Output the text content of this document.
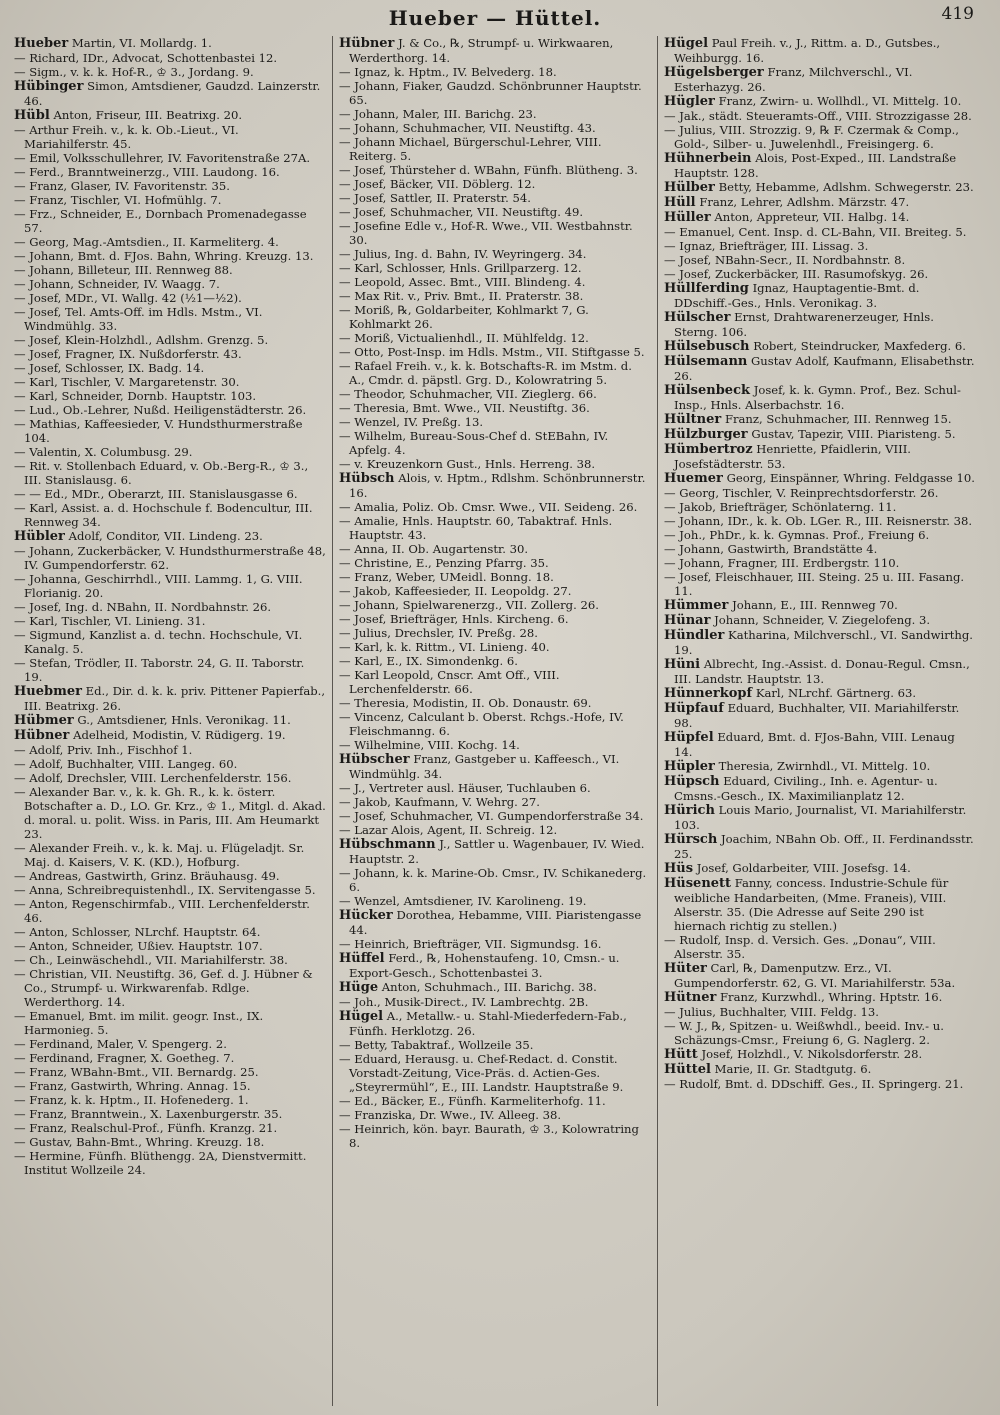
Hueber — Hüttel.	419

Hueber Martin, VI. Mollardg. 1.

— Richard, IDr., Advocat, Schottenbastei 12.

— Sigm., v. k. k. Hof-R., ♔ 3., Jordang. 9.

Hübinger Simon, Amtsdiener, Gaudzd. Lainzerstr. 46.

Hübl Anton, Friseur, III. Beatrixg. 20.

— Arthur Freih. v., k. k. Ob.-Lieut., VI. Mariahilferstr. 45.

— Emil, Volksschullehrer, IV. Favoritenstraße 27A.

— Ferd., Branntweinerzg., VIII. Laudong. 16.

— Franz, Glaser, IV. Favoritenstr. 35.

— Franz, Tischler, VI. Hofmühlg. 7.

— Frz., Schneider, E., Dornbach Promenadegasse 57.

— Georg, Mag.-Amtsdien., II. Karmeliterg. 4.

— Johann, Bmt. d. FJos. Bahn, Whring. Kreuzg. 13.

— Johann, Billeteur, III. Rennweg 88.

— Johann, Schneider, IV. Waagg. 7.

— Josef, MDr., VI. Wallg. 42 (½1—½2).

— Josef, Tel. Amts-Off. im Hdls. Mstm., VI. Windmühlg. 33.

— Josef, Klein-Holzhdl., Adlshm. Grenzg. 5.

— Josef, Fragner, IX. Nußdorferstr. 43.

— Josef, Schlosser, IX. Badg. 14.

— Karl, Tischler, V. Margaretenstr. 30.

— Karl, Schneider, Dornb. Hauptstr. 103.

— Lud., Ob.-Lehrer, Nußd. Heiligenstädterstr. 26.

— Mathias, Kaffeesieder, V. Hundsthurmerstraße 104.

— Valentin, X. Columbusg. 29.

— Rit. v. Stollenbach Eduard, v. Ob.-Berg-R., ♔ 3., III. Stanislausg. 6.

— — Ed., MDr., Oberarzt, III. Stanislausgasse 6.

— Karl, Assist. a. d. Hochschule f. Bodencultur, III. Rennweg 34.

Hübler Adolf, Conditor, VII. Lindeng. 23.

— Johann, Zuckerbäcker, V. Hundsthurmerstraße 48, IV. Gumpendorferstr. 62.

— Johanna, Geschirrhdl., VIII. Lammg. 1, G. VIII. Florianig. 20.

— Josef, Ing. d. NBahn, II. Nordbahnstr. 26.

— Karl, Tischler, VI. Linieng. 31.

— Sigmund, Kanzlist a. d. techn. Hochschule, VI. Kanalg. 5.

— Stefan, Trödler, II. Taborstr. 24, G. II. Taborstr. 19.

Huebmer Ed., Dir. d. k. k. priv. Pittener Papierfab., III. Beatrixg. 26.

Hübmer G., Amtsdiener, Hnls. Veronikag. 11.

Hübner Adelheid, Modistin, V. Rüdigerg. 19.

— Adolf, Priv. Inh., Fischhof 1.

— Adolf, Buchhalter, VIII. Langeg. 60.

— Adolf, Drechsler, VIII. Lerchenfelderstr. 156.

— Alexander Bar. v., k. k. Gh. R., k. k. österr. Botschafter a. D., LO. Gr. Krz., ♔ 1., Mitgl. d. Akad. d. moral. u. polit. Wiss. in Paris, III. Am Heumarkt 23.

— Alexander Freih. v., k. k. Maj. u. Flügeladjt. Sr. Maj. d. Kaisers, V. K. (KD.), Hofburg.

— Andreas, Gastwirth, Grinz. Bräuhausg. 49.

— Anna, Schreibrequistenhdl., IX. Servitengasse 5.

— Anton, Regenschirmfab., VIII. Lerchenfelderstr. 46.

— Anton, Schlosser, NLrchf. Hauptstr. 64.

— Anton, Schneider, Ußiev. Hauptstr. 107.

— Ch., Leinwäschehdl., VII. Mariahilferstr. 38.

— Christian, VII. Neustiftg. 36, Gef. d. J. Hübner & Co., Strumpf- u. Wirkwarenfab. Rdlge. Werderthorg. 14.

— Emanuel, Bmt. im milit. geogr. Inst., IX. Harmonieg. 5.

— Ferdinand, Maler, V. Spengerg. 2.

— Ferdinand, Fragner, X. Goetheg. 7.

— Franz, WBahn-Bmt., VII. Bernardg. 25.

— Franz, Gastwirth, Whring. Annag. 15.

— Franz, k. k. Hptm., II. Hofenederg. 1.

— Franz, Branntwein., X. Laxenburgerstr. 35.

— Franz, Realschul-Prof., Fünfh. Kranzg. 21.

— Gustav, Bahn-Bmt., Whring. Kreuzg. 18.

— Hermine, Fünfh. Blüthengg. 2A, Dienstvermitt. Institut Wollzeile 24.

Hübner J. & Co., ℞, Strumpf- u. Wirkwaaren, Werderthorg. 14.

— Ignaz, k. Hptm., IV. Belvederg. 18.

— Johann, Fiaker, Gaudzd. Schönbrunner Hauptstr. 65.

— Johann, Maler, III. Barichg. 23.

— Johann, Schuhmacher, VII. Neustiftg. 43.

— Johann Michael, Bürgerschul-Lehrer, VIII. Reiterg. 5.

— Josef, Thürsteher d. WBahn, Fünfh. Blütheng. 3.

— Josef, Bäcker, VII. Döblerg. 12.

— Josef, Sattler, II. Praterstr. 54.

— Josef, Schuhmacher, VII. Neustiftg. 49.

— Josefine Edle v., Hof-R. Wwe., VII. Westbahnstr. 30.

— Julius, Ing. d. Bahn, IV. Weyringerg. 34.

— Karl, Schlosser, Hnls. Grillparzerg. 12.

— Leopold, Assec. Bmt., VIII. Blindeng. 4.

— Max Rit. v., Priv. Bmt., II. Praterstr. 38.

— Moriß, ℞, Goldarbeiter, Kohlmarkt 7, G. Kohlmarkt 26.

— Moriß, Victualienhdl., II. Mühlfeldg. 12.

— Otto, Post-Insp. im Hdls. Mstm., VII. Stiftgasse 5.

— Rafael Freih. v., k. k. Botschafts-R. im Mstm. d. A., Cmdr. d. päpstl. Grg. D., Kolowratring 5.

— Theodor, Schuhmacher, VII. Zieglerg. 66.

— Theresia, Bmt. Wwe., VII. Neustiftg. 36.

— Wenzel, IV. Preßg. 13.

— Wilhelm, Bureau-Sous-Chef d. StEBahn, IV. Apfelg. 4.

— v. Kreuzenkorn Gust., Hnls. Herreng. 38.

Hübsch Alois, v. Hptm., Rdlshm. Schönbrunnerstr. 16.

— Amalia, Poliz. Ob. Cmsr. Wwe., VII. Seideng. 26.

— Amalie, Hnls. Hauptstr. 60, Tabaktraf. Hnls. Hauptstr. 43.

— Anna, II. Ob. Augartenstr. 30.

— Christine, E., Penzing Pfarrg. 35.

— Franz, Weber, UMeidl. Bonng. 18.

— Jakob, Kaffeesieder, II. Leopoldg. 27.

— Johann, Spielwarenerzg., VII. Zollerg. 26.

— Josef, Briefträger, Hnls. Kircheng. 6.

— Julius, Drechsler, IV. Preßg. 28.

— Karl, k. k. Rittm., VI. Linieng. 40.

— Karl, E., IX. Simondenkg. 6.

— Karl Leopold, Cnscr. Amt Off., VIII. Lerchenfelderstr. 66.

— Theresia, Modistin, II. Ob. Donaustr. 69.

— Vincenz, Calculant b. Oberst. Rchgs.-Hofe, IV. Fleischmanng. 6.

— Wilhelmine, VIII. Kochg. 14.

Hübscher Franz, Gastgeber u. Kaffeesch., VI. Windmühlg. 34.

— J., Vertreter ausl. Häuser, Tuchlauben 6.

— Jakob, Kaufmann, V. Wehrg. 27.

— Josef, Schuhmacher, VI. Gumpendorferstraße 34.

— Lazar Alois, Agent, II. Schreig. 12.

Hübschmann J., Sattler u. Wagenbauer, IV. Wied. Hauptstr. 2.

— Johann, k. k. Marine-Ob. Cmsr., IV. Schikanederg. 6.

— Wenzel, Amtsdiener, IV. Karolineng. 19.

Hücker Dorothea, Hebamme, VIII. Piaristengasse 44.

— Heinrich, Briefträger, VII. Sigmundsg. 16.

Hüffel Ferd., ℞, Hohenstaufeng. 10, Cmsn.- u. Export-Gesch., Schottenbastei 3.

Hüge Anton, Schuhmach., III. Barichg. 38.

— Joh., Musik-Direct., IV. Lambrechtg. 2B.

Hügel A., Metallw.- u. Stahl-Miederfedern-Fab., Fünfh. Herklotzg. 26.

— Betty, Tabaktraf., Wollzeile 35.

— Eduard, Herausg. u. Chef-Redact. d. Constit. Vorstadt-Zeitung, Vice-Präs. d. Actien-Ges. „Steyrermühl“, E., III. Landstr. Hauptstraße 9.

— Ed., Bäcker, E., Fünfh. Karmeliterhofg. 11.

— Franziska, Dr. Wwe., IV. Alleeg. 38.

— Heinrich, kön. bayr. Baurath, ♔ 3., Kolowratring 8.

Hügel Paul Freih. v., J., Rittm. a. D., Gutsbes., Weihburgg. 16.

Hügelsberger Franz, Milchverschl., VI. Esterhazyg. 26.

Hügler Franz, Zwirn- u. Wollhdl., VI. Mittelg. 10.

— Jak., städt. Steueramts-Off., VIII. Strozzigasse 28.

— Julius, VIII. Strozzig. 9, ℞ F. Czermak & Comp., Gold-, Silber- u. Juwelenhdl., Freisingerg. 6.

Hühnerbein Alois, Post-Exped., III. Landstraße Hauptstr. 128.

Hülber Betty, Hebamme, Adlshm. Schwegerstr. 23.

Hüll Franz, Lehrer, Adlshm. Märzstr. 47.

Hüller Anton, Appreteur, VII. Halbg. 14.

— Emanuel, Cent. Insp. d. CL-Bahn, VII. Breiteg. 5.

— Ignaz, Briefträger, III. Lissag. 3.

— Josef, NBahn-Secr., II. Nordbahnstr. 8.

— Josef, Zuckerbäcker, III. Rasumofskyg. 26.

Hüllferding Ignaz, Hauptagentie-Bmt. d. DDschiff.-Ges., Hnls. Veronikag. 3.

Hülscher Ernst, Drahtwarenerzeuger, Hnls. Sterng. 106.

Hülsebusch Robert, Steindrucker, Maxfederg. 6.

Hülsemann Gustav Adolf, Kaufmann, Elisabethstr. 26.

Hülsenbeck Josef, k. k. Gymn. Prof., Bez. Schul-Insp., Hnls. Alserbachstr. 16.

Hültner Franz, Schuhmacher, III. Rennweg 15.

Hülzburger Gustav, Tapezir, VIII. Piaristeng. 5.

Hümbertroz Henriette, Pfaidlerin, VIII. Josefstädterstr. 53.

Huemer Georg, Einspänner, Whring. Feldgasse 10.

— Georg, Tischler, V. Reinprechtsdorferstr. 26.

— Jakob, Briefträger, Schönlaterng. 11.

— Johann, IDr., k. k. Ob. LGer. R., III. Reisnerstr. 38.

— Joh., PhDr., k. k. Gymnas. Prof., Freiung 6.

— Johann, Gastwirth, Brandstätte 4.

— Johann, Fragner, III. Erdbergstr. 110.

— Josef, Fleischhauer, III. Steing. 25 u. III. Fasang. 11.

Hümmer Johann, E., III. Rennweg 70.

Hünar Johann, Schneider, V. Ziegelofeng. 3.

Hündler Katharina, Milchverschl., VI. Sandwirthg. 19.

Hüni Albrecht, Ing.-Assist. d. Donau-Regul. Cmsn., III. Landstr. Hauptstr. 13.

Hünnerkopf Karl, NLrchf. Gärtnerg. 63.

Hüpfauf Eduard, Buchhalter, VII. Mariahilferstr. 98.

Hüpfel Eduard, Bmt. d. FJos-Bahn, VIII. Lenaug 14.

Hüpler Theresia, Zwirnhdl., VI. Mittelg. 10.

Hüpsch Eduard, Civiling., Inh. e. Agentur- u. Cmsns.-Gesch., IX. Maximilianplatz 12.

Hürich Louis Mario, Journalist, VI. Mariahilferstr. 103.

Hürsch Joachim, NBahn Ob. Off., II. Ferdinandsstr. 25.

Hüs Josef, Goldarbeiter, VIII. Josefsg. 14.

Hüsenett Fanny, concess. Industrie-Schule für weibliche Handarbeiten, (Mme. Franeis), VIII. Alserstr. 35. (Die Adresse auf Seite 290 ist hiernach richtig zu stellen.)

— Rudolf, Insp. d. Versich. Ges. „Donau“, VIII. Alserstr. 35.

Hüter Carl, ℞, Damenputzw. Erz., VI. Gumpendorferstr. 62, G. VI. Mariahilferstr. 53a.

Hütner Franz, Kurzwhdl., Whring. Hptstr. 16.

— Julius, Buchhalter, VIII. Feldg. 13.

— W. J., ℞, Spitzen- u. Weißwhdl., beeid. Inv.- u. Schäzungs-Cmsr., Freiung 6, G. Naglerg. 2.

Hütt Josef, Holzhdl., V. Nikolsdorferstr. 28.

Hüttel Marie, II. Gr. Stadtgutg. 6.

— Rudolf, Bmt. d. DDschiff. Ges., II. Springerg. 21.
